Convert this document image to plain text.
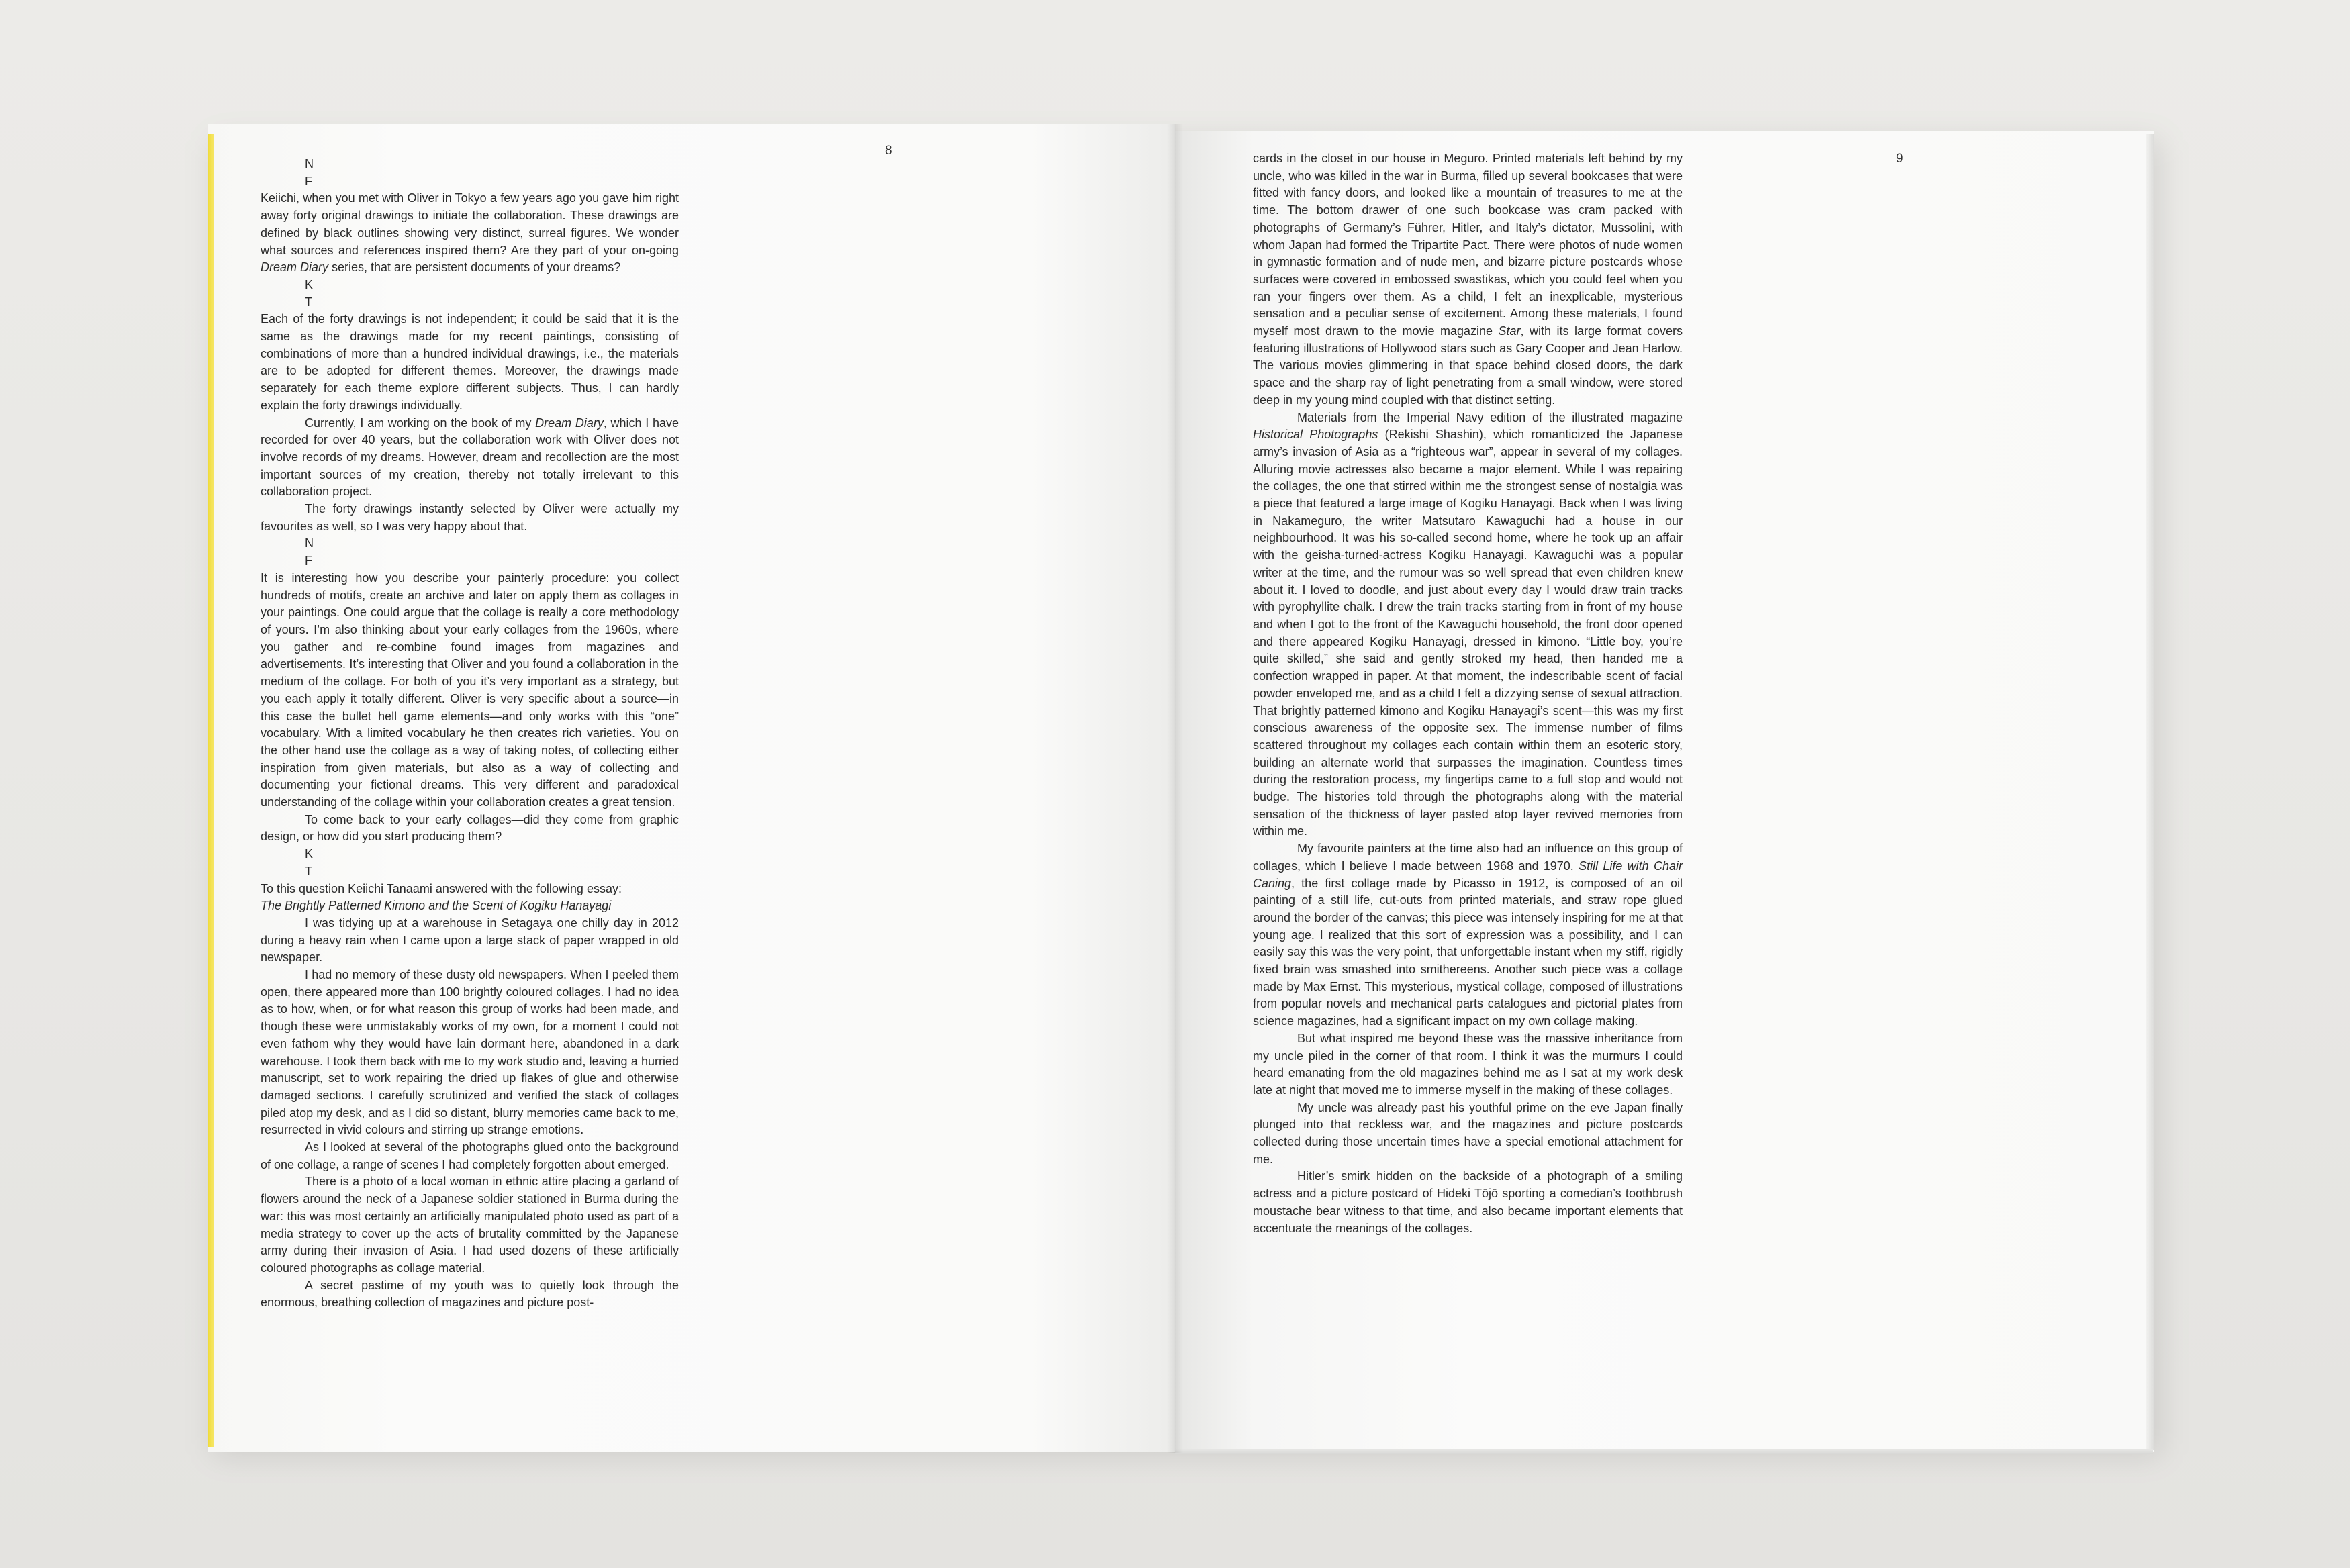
8
9

N

F

Keiichi, when you met with Oliver in Tokyo a few years ago you gave him right away forty original drawings to initiate the collaboration. These drawings are defined by black outlines showing very distinct, surreal figures. We wonder what sources and references inspired them? Are they part of your on-going Dream Diary series, that are persistent documents of your dreams?

K

T

Each of the forty drawings is not independent; it could be said that it is the same as the drawings made for my recent paintings, consisting of combinations of more than a hundred individual drawings, i.e., the materials are to be adopted for different themes. Moreover, the drawings made separately for each theme explore different subjects. Thus, I can hardly explain the forty drawings individually.

Currently, I am working on the book of my Dream Diary, which I have recorded for over 40 years, but the collaboration work with Oliver does not involve records of my dreams. However, dream and recollection are the most important sources of my creation, thereby not totally irrelevant to this collaboration project.

The forty drawings instantly selected by Oliver were actually my favourites as well, so I was very happy about that.

N

F

It is interesting how you describe your painterly procedure: you collect hundreds of motifs, create an archive and later on apply them as collages in your paintings. One could argue that the collage is really a core methodology of yours. I’m also thinking about your early collages from the 1960s, where you gather and re-combine found images from magazines and advertisements. It’s interesting that Oliver and you found a collaboration in the medium of the collage. For both of you it’s very important as a strategy, but you each apply it totally different. Oliver is very specific about a source—in this case the bullet hell game elements—and only works with this “one” vocabulary. With a limited vocabulary he then creates rich varieties. You on the other hand use the collage as a way of taking notes, of collecting either inspiration from given materials, but also as a way of collecting and documenting your fictional dreams. This very different and paradoxical understanding of the collage within your collaboration creates a great tension.

To come back to your early collages—did they come from graphic design, or how did you start producing them?

K

T

To this question Keiichi Tanaami answered with the following essay:

The Brightly Patterned Kimono and the Scent of Kogiku Hanayagi

I was tidying up at a warehouse in Setagaya one chilly day in 2012 during a heavy rain when I came upon a large stack of paper wrapped in old newspaper.

I had no memory of these dusty old newspapers. When I peeled them open, there appeared more than 100 brightly coloured collages. I had no idea as to how, when, or for what reason this group of works had been made, and though these were unmistakably works of my own, for a moment I could not even fathom why they would have lain dormant here, abandoned in a dark warehouse. I took them back with me to my work studio and, leaving a hurried manuscript, set to work repairing the dried up flakes of glue and otherwise damaged sections. I carefully scrutinized and verified the stack of collages piled atop my desk, and as I did so distant, blurry memories came back to me, resurrected in vivid colours and stirring up strange emotions.

As I looked at several of the photographs glued onto the background of one collage, a range of scenes I had completely forgotten about emerged.

There is a photo of a local woman in ethnic attire placing a garland of flowers around the neck of a Japanese soldier stationed in Burma during the war: this was most certainly an artificially manipulated photo used as part of a media strategy to cover up the acts of brutality committed by the Japanese army during their invasion of Asia. I had used dozens of these artificially coloured photographs as collage material.

A secret pastime of my youth was to quietly look through the enormous, breathing collection of magazines and picture post-

cards in the closet in our house in Meguro. Printed materials left behind by my uncle, who was killed in the war in Burma, filled up several bookcases that were fitted with fancy doors, and looked like a mountain of treasures to me at the time. The bottom drawer of one such bookcase was cram packed with photographs of Germany’s Führer, Hitler, and Italy’s dictator, Mussolini, with whom Japan had formed the Tripartite Pact. There were photos of nude women in gymnastic formation and of nude men, and bizarre picture postcards whose surfaces were covered in embossed swastikas, which you could feel when you ran your fingers over them. As a child, I felt an inexplicable, mysterious sensation and a peculiar sense of excitement. Among these materials, I found myself most drawn to the movie magazine Star, with its large format covers featuring illustrations of Hollywood stars such as Gary Cooper and Jean Harlow. The various movies glimmering in that space behind closed doors, the dark space and the sharp ray of light penetrating from a small window, were stored deep in my young mind coupled with that distinct setting.

Materials from the Imperial Navy edition of the illustrated magazine Historical Photographs (Rekishi Shashin), which romanticized the Japanese army’s invasion of Asia as a “righteous war”, appear in several of my collages. Alluring movie actresses also became a major element. While I was repairing the collages, the one that stirred within me the strongest sense of nostalgia was a piece that featured a large image of Kogiku Hanayagi. Back when I was living in Nakameguro, the writer Matsutaro Kawaguchi had a house in our neighbourhood. It was his so-called second home, where he took up an affair with the geisha-turned-actress Kogiku Hanayagi. Kawaguchi was a popular writer at the time, and the rumour was so well spread that even children knew about it. I loved to doodle, and just about every day I would draw train tracks with pyrophyllite chalk. I drew the train tracks starting from in front of my house and when I got to the front of the Kawaguchi household, the front door opened and there appeared Kogiku Hanayagi, dressed in kimono. “Little boy, you’re quite skilled,” she said and gently stroked my head, then handed me a confection wrapped in paper. At that moment, the indescribable scent of facial powder enveloped me, and as a child I felt a dizzying sense of sexual attraction. That brightly patterned kimono and Kogiku Hanayagi’s scent—this was my first conscious awareness of the opposite sex. The immense number of films scattered throughout my collages each contain within them an esoteric story, building an alternate world that surpasses the imagination. Countless times during the restoration process, my fingertips came to a full stop and would not budge. The histories told through the photographs along with the material sensation of the thickness of layer pasted atop layer revived memories from within me.

My favourite painters at the time also had an influence on this group of collages, which I believe I made between 1968 and 1970. Still Life with Chair Caning, the first collage made by Picasso in 1912, is composed of an oil painting of a still life, cut-outs from printed materials, and straw rope glued around the border of the canvas; this piece was intensely inspiring for me at that young age. I realized that this sort of expression was a possibility, and I can easily say this was the very point, that unforgettable instant when my stiff, rigidly fixed brain was smashed into smithereens. Another such piece was a collage made by Max Ernst. This mysterious, mystical collage, composed of illustrations from popular novels and mechanical parts catalogues and pictorial plates from science magazines, had a significant impact on my own collage making.

But what inspired me beyond these was the massive inheritance from my uncle piled in the corner of that room. I think it was the murmurs I could heard emanating from the old magazines behind me as I sat at my work desk late at night that moved me to immerse myself in the making of these collages.

My uncle was already past his youthful prime on the eve Japan finally plunged into that reckless war, and the magazines and picture postcards collected during those uncertain times have a special emotional attachment for me.

Hitler’s smirk hidden on the backside of a photograph of a smiling actress and a picture postcard of Hideki Tōjō sporting a comedian’s toothbrush moustache bear witness to that time, and also became important elements that accentuate the meanings of the collages.
